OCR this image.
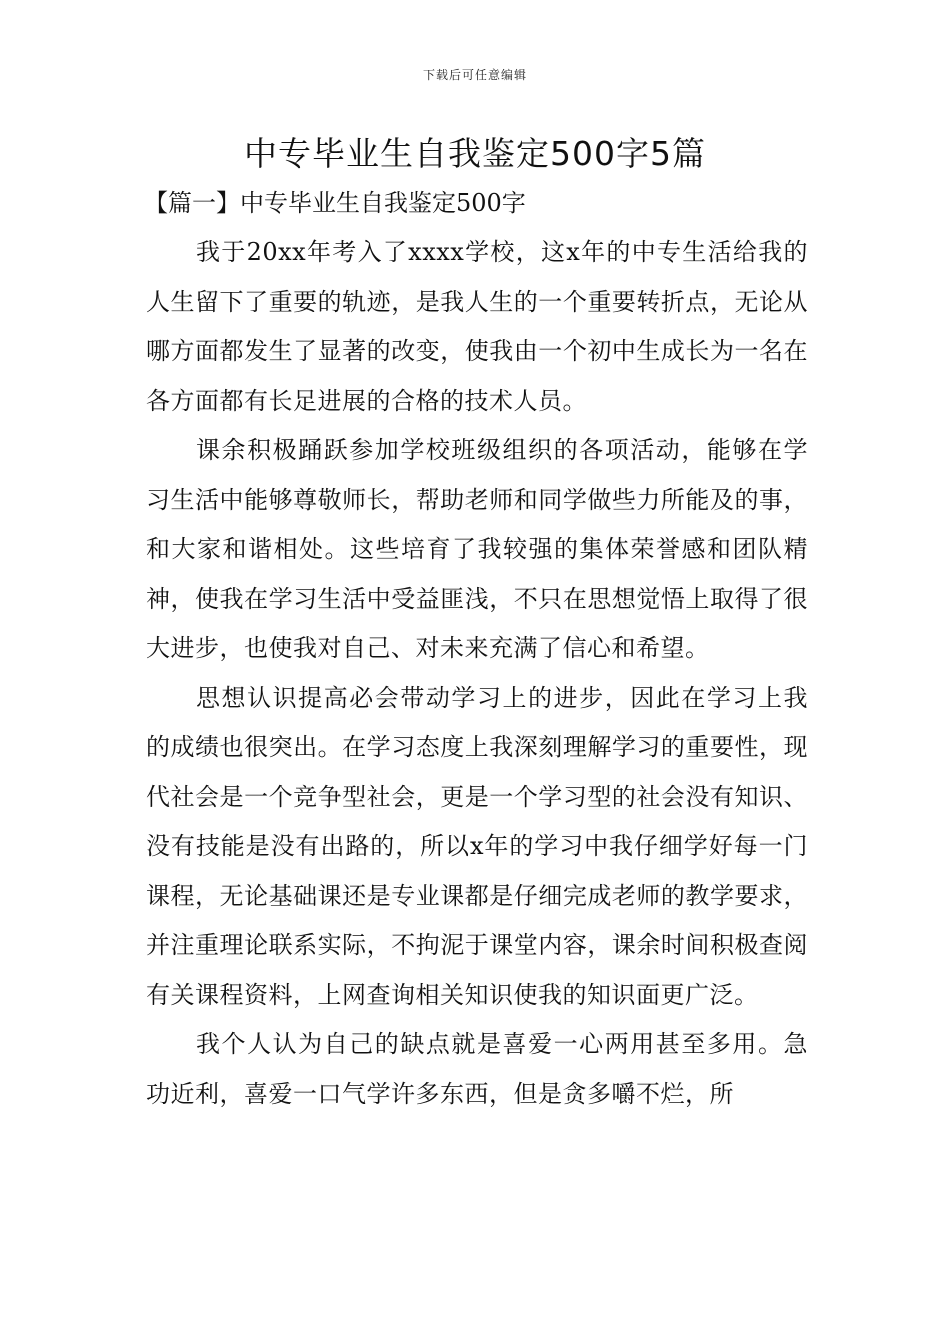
下载后可任意编辑
中专毕业生自我鉴定500字5篇
【篇一】中专毕业生自我鉴定500字

我于20xx年考入了xxxx学校，这x年的中专生活给我的人生留下了重要的轨迹，是我人生的一个重要转折点，无论从哪方面都发生了显著的改变，使我由一个初中生成长为一名在各方面都有长足进展的合格的技术人员。

课余积极踊跃参加学校班级组织的各项活动，能够在学习生活中能够尊敬师长，帮助老师和同学做些力所能及的事，和大家和谐相处。这些培育了我较强的集体荣誉感和团队精神，使我在学习生活中受益匪浅，不只在思想觉悟上取得了很大进步，也使我对自己、对未来充满了信心和希望。

思想认识提高必会带动学习上的进步，因此在学习上我的成绩也很突出。在学习态度上我深刻理解学习的重要性，现代社会是一个竞争型社会，更是一个学习型的社会没有知识、没有技能是没有出路的，所以x年的学习中我仔细学好每一门课程，无论基础课还是专业课都是仔细完成老师的教学要求，并注重理论联系实际，不拘泥于课堂内容，课余时间积极查阅有关课程资料，上网查询相关知识使我的知识面更广泛。

我个人认为自己的缺点就是喜爱一心两用甚至多用。急功近利，喜爱一口气学许多东西，但是贪多嚼不烂，所
